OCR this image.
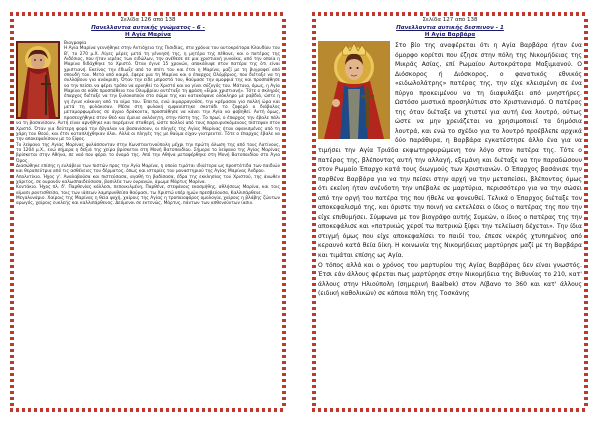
Σελίδα 126 από 138
Πανελλαντια αυτικής γνώματος - 6 -
Η Αγία Μαρίνα

Βιογραφία
Η Αγία Μαρίνα γεννήθηκε στην Αντιόχεια της Πισιδίας, στα χρόνια του αυτοκράτορα Κλαυδίου του Β', το 270 μ.Χ. Λίγες μέρες μετά τη γέννησή της, η μητέρα της πέθανε, και ο πατέρας της Αιδέσιος, που ήταν ιερέας των ειδώλων, την ανέθεσε σε μια χριστιανή γυναίκα, από την οποία η Μαρίνα διδάχθηκε το Χριστό. Όταν έγινε 15 χρονών, αποκάλυψε στον πατέρα της ότι είναι χριστιανή. Εκείνος την έδιωξε από το σπίτι του και έτσι η Μαρίνα, μαζί με τη βυγραφεί από σπουδή του. Μετά από καιρό, έφερε μια τη Μαρίνα και ο έπαρχος Ολύμβριος, που διέταξε να τη συλλάβουν για ανάκριση. Όταν την είδε μπροστά του, θαύμασε την ομορφιά της και προσπάθησε να την πείσει να φέρει τρόπο να αρνηθεί το Χριστό και να γίνει σύζυγός του. Μάταια, όμως, η Αγία Μαρίνα σε κάθε προσπάθεια του Ολυμβρίου αντέταξε τη φράση «Είμαι χριστιανή». Τότε ο σκληρός έπαρχος διέταξε να την ξυλοκοπούν στο σώμα της και κατακόψανε ολόκληρο με ραβδιά, ώστε η γη έγινε κόκκινη από το αίμα του. Έπειτα, ενώ αιμορραγούσε, την κρέμασαν για πολλή ώρα και μετά τη φυλάκισαν. Μέσα στη φυλακή εμφανίστηκε σκοτάδι το ζοφερό ο διάβολος μεταμορφωμένος σε άγριο δράκοντα, προσπάθησε να κάνει την Αγία να φοβηθεί. Αυτή όμως, προσευχήθηκε στον Θεό και έμεινε ακλόνητη, στην πίστη της. Το πρωί, ο έπαρχος την έβαλε πάλι να τη βασανίσουν. Αυτή είναι αρνήθηκε και παρέμεινε σταθερή, ώστε πολλοί από τους παρευρισκόμενους πίστεψαν στον Χριστό. Όταν για δεύτερη φορά την έβγαλαν να βασανίσουν, οι πληγές της Αγίας Μαρίνας ήταν αφανισμένες από τη χάρη του Θεού, και έτσι καταπλήχθηκαν όλοι. Αλλά οι πληγές της με θαύμα είχαν γιατρευτεί. Τότε ο έπαρχος έβαλε να την αποκεφαλίσουν με το ξίφος.
Το λείψανο της Αγίας Μαρίνας φυλάσσονταν στην Κωνσταντινούπολη μέχρι την πρώτη άλωση της από τους Λατίνους, το 1204 μ.Χ., ενώ σήμερα η δεξιά της χείρα βρίσκεται στη Μονή Βατοπαιδίου. Σήμερα το λείψανο της Αγίας Μαρίνας βρίσκεται στην Αθήνα, σε ναό που φέρει το όνομά της. Από την Αθήνα μεταφέρθηκε στη Μονή Βατοπαιδίου στο Άγιο Όρος.
Διασώθηκε επίσης η ευλάβεια των πιστών προς την Αγία Μαρίνα, η οποία τιμάται ιδιαίτερα ως προστάτιδα των παιδιών και θεραπεύτρια από τις ασθένειες του δέρματος, όπως και ιστορίες του μοναστηριού της Αγίας Μαρίνας Άνδρου.
Απολυτίκιο. Ήχος γ'. Αναλαβούσα και πιστεύσασα, αγαθή τη βαδίσασα, έδρα της εκκλησίας του Χριστού, της άνωθεν χάριτος, σε ουρανόν καλωσπαιδεύσασα, βασιλέα των ουρανών, άμωμε Μάρτυς Μαρίνα.
Κοντάκιο. Ήχος πλ. δ'. Παρθενίας κάλλεσι, πεποικιλμένη, Παρθένε, στεφάνοις εκοσμήθης, αθλήσεως Μαρίνα, και τοις αίμασι ραντισθείσα, τοις των ιάσεων λαμπρυνθείσα θαύμασι, τω Χριστώ υπέρ ημών πρεσβεύουσα, Καλλιπάρθενε.
Μεγαλυνάριο. Χαίροις της Μαρίνας η θεία ψυχή, χαίροις της Αγίας η τροπαιοφόρος ομολογία, χαίροις η βλάβης ζώντων αρωγός, χαίροις ευκλεής και καλλιπάρθενος. Δεόμενοι σε εκτενώς, Μάρτυς, πάντων των ασθενούντων ίασιν.

Σελίδα 127 από 138
Πανελλαντια αυτικής δεσπινον - 1
Η Αγία Βαρβάρα

Στο βίο της αναφέρεται ότι η Αγία Βαρβάρα ήταν ένα όμορφο κορίτσι που έζησε στην πόλη της Νικομήδειας της Μικράς Ασίας, επί Ρωμαίου Αυτοκράτορα Μαξιμιανού. Ο Διόσκορος ή Διόσκορος, ο φανατικός εθνικός «ειδωλολάτρης» πατέρας της, την είχε κλεισμένη σε ένα πύργο προκειμένου να τη διαφυλάξει από μνηστήρες. Ωστόσο μυστικά προσηλύτισε στο Χριστιανισμό. Ο πατέρας της όταν διέταξε να χτιστεί για αυτή ένα λουτρό, ούτως ώστε να μην χρειάζεται να χρησιμοποιεί τα δημόσια λουτρά, και ενώ το σχέδιο για το λουτρό προέβλεπε αρχικά δύο παράθυρα, η Βαρβάρα εγκατέστησε άλλο ένα για να τιμήσει την Αγία Τριάδα εκφωτηρφυρώμενη τον λόγο στον πατέρα της. Τότε ο πατέρας της, βλέποντας αυτή την αλλαγή, εξεμάνη και διέταξε να την παραδώσουν στον Ρωμαίο Έπαρχο κατά τους διωγμούς των Χριστιανών. Ο Έπαρχος βασάνισε την παρθένα Βαρβάρα για να την πείσει στην αρχή να την μεταπείσει, βλέποντας όμως ότι εκείνη ήταν ανένδοτη την υπέβαλε σε μαρτύρια, περισσότερο για να την σώσει από την οργή του πατέρα της που ήθελε να φονευθεί. Τελικά ο Έπαρχος διέταξε τον αποκεφαλισμό της, και όριστε την ποινή να εκτελέσει ο ίδιος ο πατέρας της που την είχε επιθυμήσει. Σύμφωνα με τον βιογράφο αυτής Συμεών, ο ίδιος ο πατέρας της την αποκεφάλισε και «πατρικώς χερσί τω πατρικώ ξίφει την τελείωση δέχεται». Την ίδια στιγμή όμως που είχε αποκεφαλίσει το παιδί του, έπεσε νεκρός χτυπημένος από κεραυνό κατά θεία δίκη. Η κοινωνία της Νικομήδειας μαρτύρησε μαζί με τη Βαρβάρα και τιμάται επίσης ως Αγία.
Ο τόπος αλλά και ο χρόνος του μαρτυρίου της Αγίας Βαρβάρας δεν είναι γνωστός. Έτσι εάν άλλους φέρεται πως μαρτύρησε στην Νικομήδεια της Βιθυνίας το 210, κατ' άλλους στην Ηλιούπολη (σημερινή Baalbek) στον Λίβανο το 360 και κατ' άλλους (ειδική καθολικών) σε κάποια πόλη της Τοσκάνης
